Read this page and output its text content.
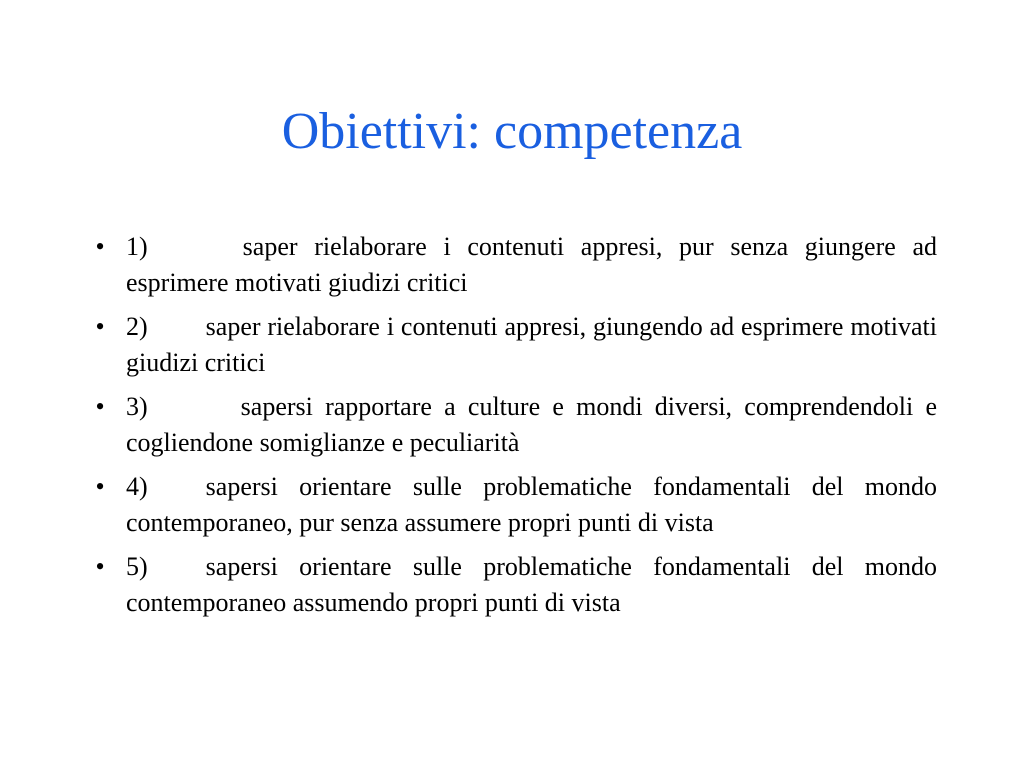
Obiettivi: competenza
• 1)	saper rielaborare i contenuti appresi, pur senza giungere ad esprimere motivati giudizi critici
• 2) saper rielaborare i contenuti appresi, giungendo ad esprimere motivati giudizi critici
• 3)	sapersi rapportare a culture e mondi diversi, comprendendoli e cogliendone somiglianze e peculiarità
• 4) sapersi orientare sulle problematiche fondamentali del mondo contemporaneo, pur senza assumere propri punti di vista
• 5) sapersi orientare sulle problematiche fondamentali del mondo contemporaneo assumendo propri punti di vista
